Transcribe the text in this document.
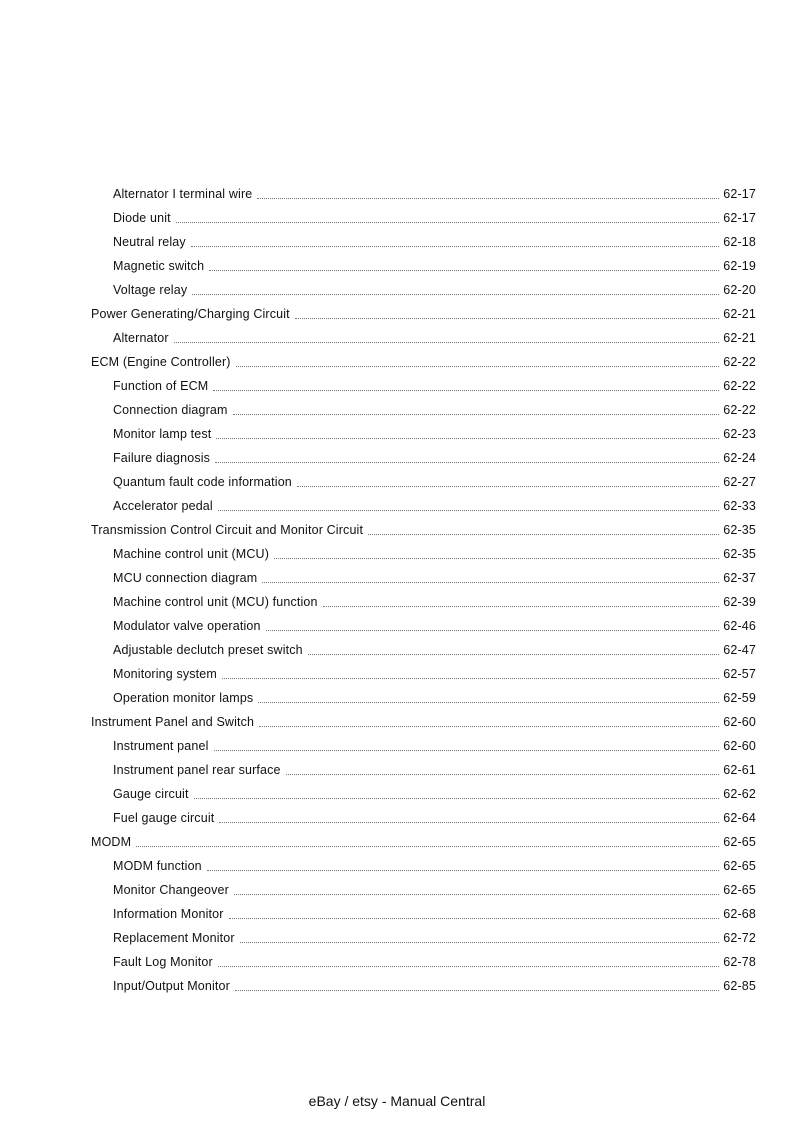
Alternator I terminal wire	62-17
Diode unit	62-17
Neutral relay	62-18
Magnetic switch	62-19
Voltage relay	62-20
Power Generating/Charging Circuit	62-21
Alternator	62-21
ECM (Engine Controller)	62-22
Function of ECM	62-22
Connection diagram	62-22
Monitor lamp test	62-23
Failure diagnosis	62-24
Quantum fault code information	62-27
Accelerator pedal	62-33
Transmission Control Circuit and Monitor Circuit	62-35
Machine control unit (MCU)	62-35
MCU connection diagram	62-37
Machine control unit (MCU) function	62-39
Modulator valve operation	62-46
Adjustable declutch preset switch	62-47
Monitoring system	62-57
Operation monitor lamps	62-59
Instrument Panel and Switch	62-60
Instrument panel	62-60
Instrument panel rear surface	62-61
Gauge circuit	62-62
Fuel gauge circuit	62-64
MODM	62-65
MODM function	62-65
Monitor Changeover	62-65
Information Monitor	62-68
Replacement Monitor	62-72
Fault Log Monitor	62-78
Input/Output Monitor	62-85
eBay / etsy - Manual Central
